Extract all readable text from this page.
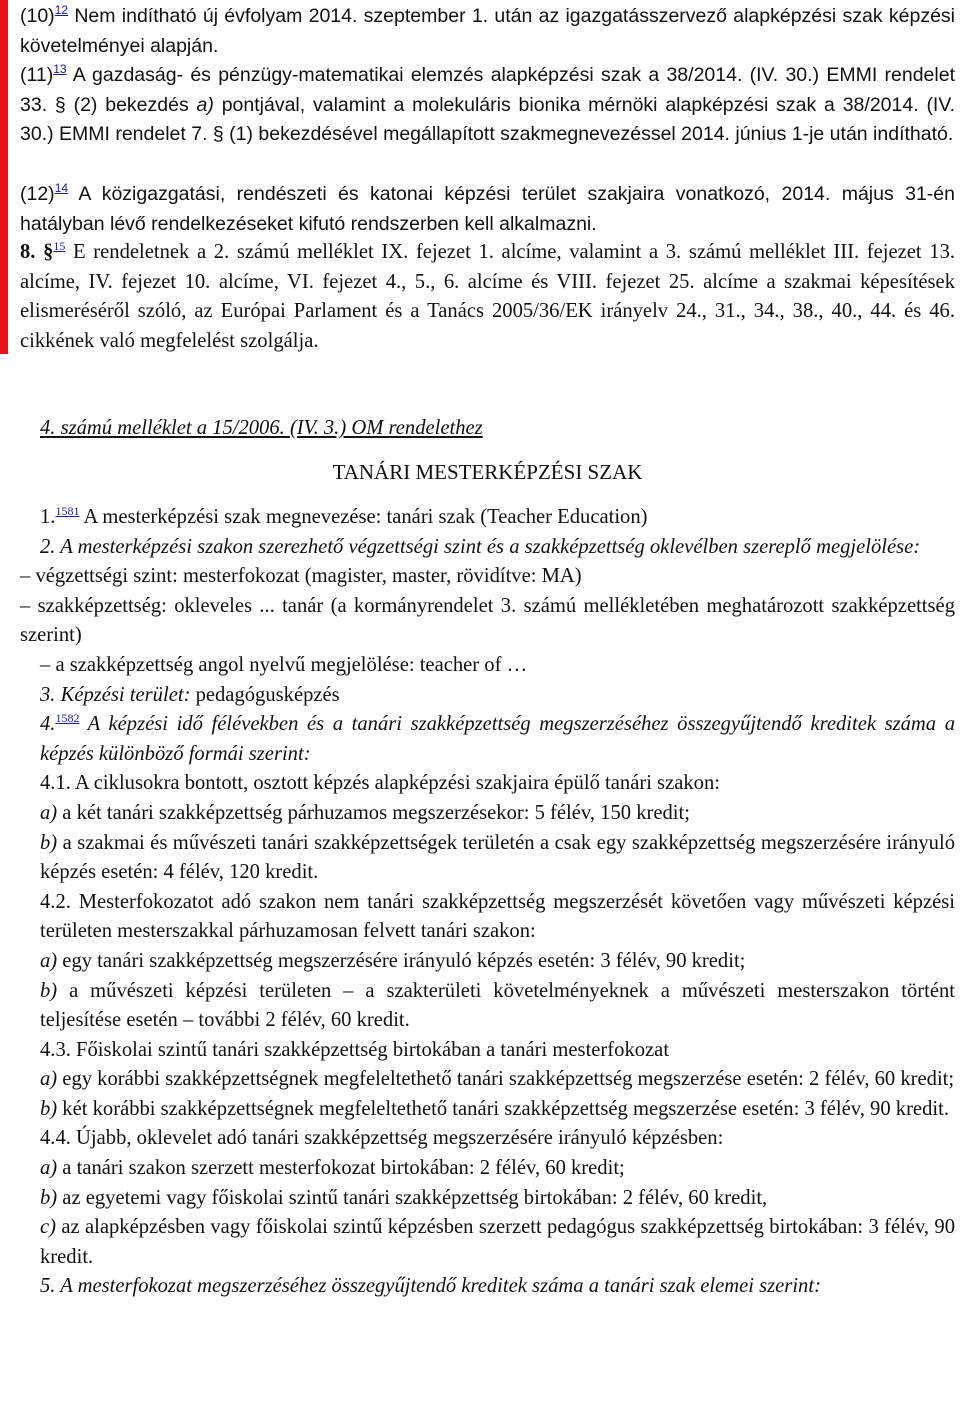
$(10)^{12}$ Nem indítható új évfolyam 2014. szeptember 1. után az igazgatásszervező alapképzési szak képzési követelményei alapján.

$(11)^{13}$ A gazdaság- és pénzügy-matematikai elemzés alapképzési szak a 38/2014. (IV. 30.) EMMI rendelet 33. § (2) bekezdés a) pontjával, valamint a molekuláris bionika mérnöki alapképzési szak a 38/2014. (IV. 30.) EMMI rendelet 7. § (1) bekezdésével megállapított szakmegnevezéssel 2014. június 1-je után indítható.

$(12)^{14}$ A közigazgatási, rendészeti és katonai képzési terület szakjaira vonatkozó, 2014. május 31-én hatályban lévő rendelkezéseket kifutó rendszerben kell alkalmazni.

8. §$^{15}$ E rendeletnek a 2. számú melléklet IX. fejezet 1. alcíme, valamint a 3. számú melléklet III. fejezet 13. alcíme, IV. fejezet 10. alcíme, VI. fejezet 4., 5., 6. alcíme és VIII. fejezet 25. alcíme a szakmai képesítések elismeréséről szóló, az Európai Parlament és a Tanács 2005/36/EK irányelv 24., 31., 34., 38., 40., 44. és 46. cikkének való megfelelést szolgálja.

4. számú melléklet a 15/2006. (IV. 3.) OM rendelethez
TANÁRI MESTERKÉPZÉSI SZAK

1.$^{1581}$ A mesterképzési szak megnevezése: tanári szak (Teacher Education)

2. A mesterképzési szakon szerezhető végzettségi szint és a szakképzettség oklevélben szereplő megjelölése:

– végzettségi szint: mesterfokozat (magister, master, rövidítve: MA)

– szakképzettség: okleveles ... tanár (a kormányrendelet 3. számú mellékletében meghatározott szakképzettség szerint)

– a szakképzettség angol nyelvű megjelölése: teacher of …

3. Képzési terület: pedagógusképzés

4.$^{1582}$ A képzési idő félévekben és a tanári szakképzettség megszerzéséhez összegyűjtendő kreditek száma a képzés különböző formái szerint:

4.1. A ciklusokra bontott, osztott képzés alapképzési szakjaira épülő tanári szakon:

a) a két tanári szakképzettség párhuzamos megszerzésekor: 5 félév, 150 kredit;

b) a szakmai és művészeti tanári szakképzettségek területén a csak egy szakképzettség megszerzésére irányuló képzés esetén: 4 félév, 120 kredit.

4.2. Mesterfokozatot adó szakon nem tanári szakképzettség megszerzését követően vagy művészeti képzési területen mesterszakkal párhuzamosan felvett tanári szakon:

a) egy tanári szakképzettség megszerzésére irányuló képzés esetén: 3 félév, 90 kredit;

b) a művészeti képzési területen – a szakterületi követelményeknek a művészeti mesterszakon történt teljesítése esetén – további 2 félév, 60 kredit.

4.3. Főiskolai szintű tanári szakképzettség birtokában a tanári mesterfokozat

a) egy korábbi szakképzettségnek megfeleltethető tanári szakképzettség megszerzése esetén: 2 félév, 60 kredit;

b) két korábbi szakképzettségnek megfeleltethető tanári szakképzettség megszerzése esetén: 3 félév, 90 kredit.

4.4. Újabb, oklevelet adó tanári szakképzettség megszerzésére irányuló képzésben:

a) a tanári szakon szerzett mesterfokozat birtokában: 2 félév, 60 kredit;

b) az egyetemi vagy főiskolai szintű tanári szakképzettség birtokában: 2 félév, 60 kredit,

c) az alapképzésben vagy főiskolai szintű képzésben szerzett pedagógus szakképzettség birtokában: 3 félév, 90 kredit.

5. A mesterfokozat megszerzéséhez összegyűjtendő kreditek száma a tanári szak elemei szerint:
